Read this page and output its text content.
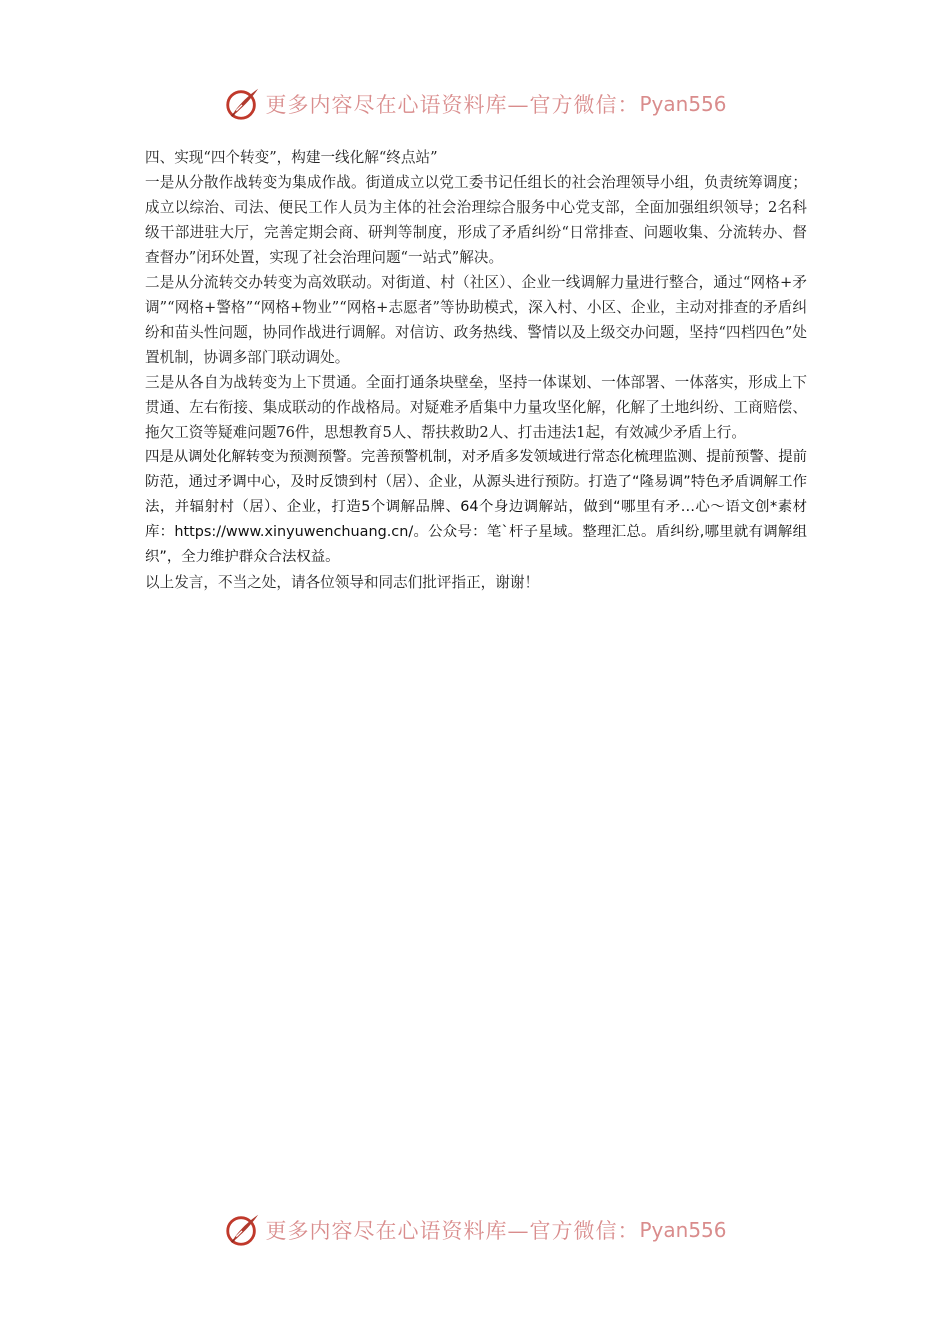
更多内容尽在心语资料库—官方微信： Pyan556

四、实现“四个转变”，构建一线化解“终点站”

一是从分散作战转变为集成作战。街道成立以党工委书记任组长的社会治理领导小组，负责统筹调度；成立以综治、司法、便民工作人员为主体的社会治理综合服务中心党支部，全面加强组织领导；2名科级干部进驻大厅，完善定期会商、研判等制度，形成了矛盾纠纷“日常排查、问题收集、分流转办、督查督办”闭环处置，实现了社会治理问题“一站式”解决。

二是从分流转交办转变为高效联动。对街道、村（社区）、企业一线调解力量进行整合，通过“网格+矛调”“网格+警格”“网格+物业”“网格+志愿者”等协助模式，深入村、小区、企业，主动对排查的矛盾纠纷和苗头性问题，协同作战进行调解。对信访、政务热线、警情以及上级交办问题，坚持“四档四色”处置机制，协调多部门联动调处。

三是从各自为战转变为上下贯通。全面打通条块壁垒，坚持一体谋划、一体部署、一体落实，形成上下贯通、左右衔接、集成联动的作战格局。对疑难矛盾集中力量攻坚化解，化解了土地纠纷、工商赔偿、拖欠工资等疑难问题76件，思想教育5人、帮扶救助2人、打击违法1起，有效减少矛盾上行。

四是从调处化解转变为预测预警。完善预警机制，对矛盾多发领域进行常态化梳理监测、提前预警、提前防范，通过矛调中心，及时反馈到村（居）、企业，从源头进行预防。打造了“隆易调”特色矛盾调解工作法，并辐射村（居）、企业，打造5个调解品牌、64个身边调解站，做到“哪里有矛…心～语文创*素材库：https://www.xinyuwenchuang.cn/。公众号：笔`杆子星域。整理汇总。盾纠纷,哪里就有调解组织”，全力维护群众合法权益。

以上发言，不当之处，请各位领导和同志们批评指正，谢谢！

更多内容尽在心语资料库—官方微信： Pyan556
